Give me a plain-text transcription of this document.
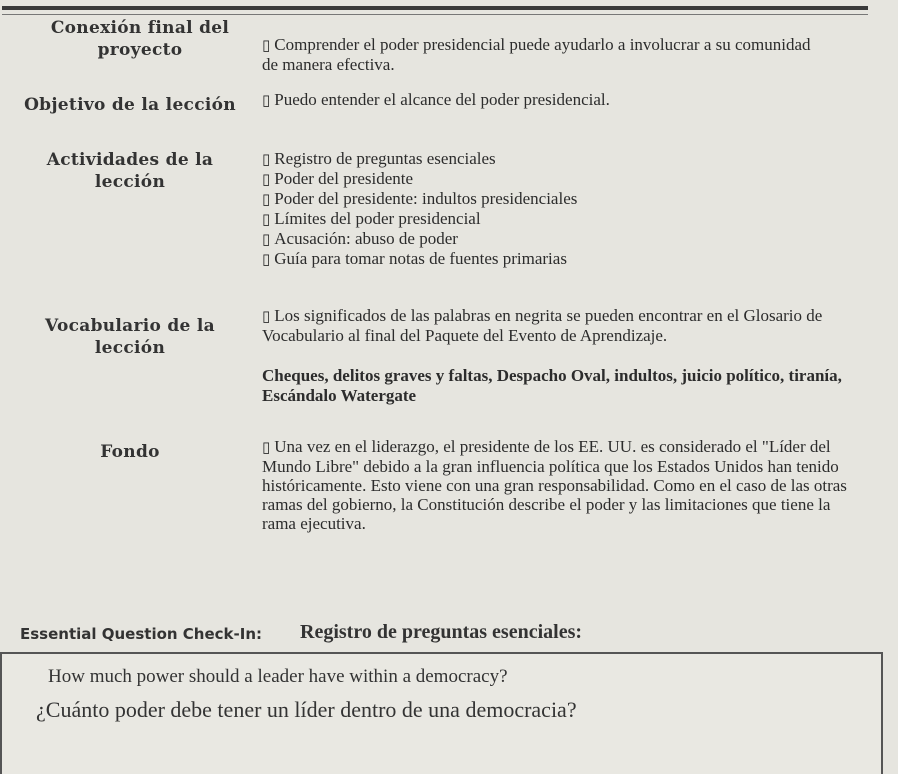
Conexión final del proyecto	▯ Comprender el poder presidencial puede ayudarlo a involucrar a su comunidad de manera efectiva.
Objetivo de la lección ▯ Puedo entender el alcance del poder presidencial.
Actividades de la lección
▯ Registro de preguntas esenciales
▯ Poder del presidente
▯ Poder del presidente: indultos presidenciales
▯ Límites del poder presidencial
▯ Acusación: abuso de poder
▯ Guía para tomar notas de fuentes primarias
Vocabulario de la lección
▯ Los significados de las palabras en negrita se pueden encontrar en el Glosario de Vocabulario al final del Paquete del Evento de Aprendizaje.
Cheques, delitos graves y faltas, Despacho Oval, indultos, juicio político, tiranía, Escándalo Watergate
Fondo	▯ Una vez en el liderazgo, el presidente de los EE. UU. es considerado el "Líder del Mundo Libre" debido a la gran influencia política que los Estados Unidos han tenido históricamente. Esto viene con una gran responsabilidad. Como en el caso de las otras ramas del gobierno, la Constitución describe el poder y las limitaciones que tiene la rama ejecutiva.
Essential Question Check-In: Registro de preguntas esenciales:
How much power should a leader have within a democracy?
¿Cuánto poder debe tener un líder dentro de una democracia?
